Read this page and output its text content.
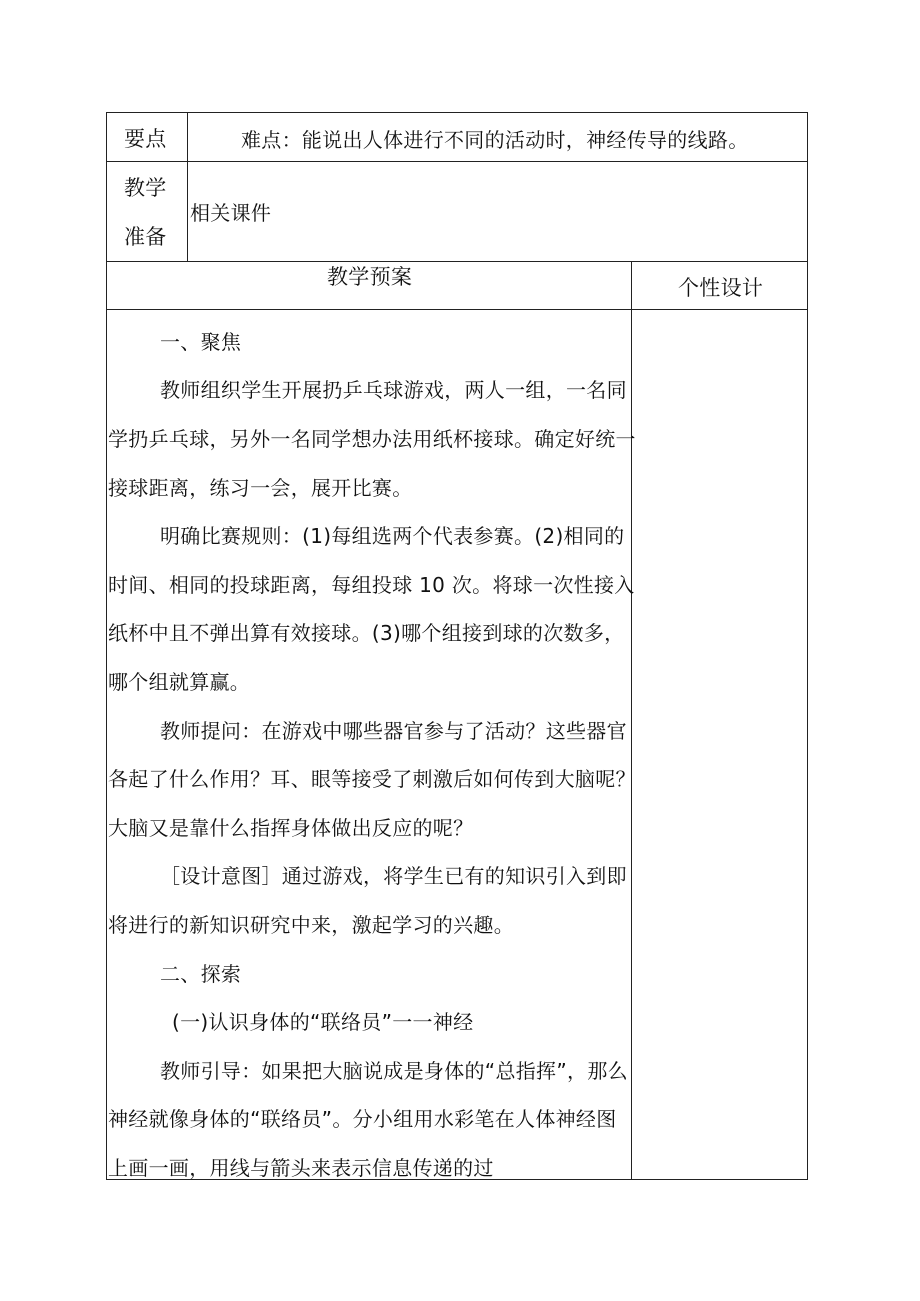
要点	难点：能说出人体进行不同的活动时，神经传导的线路。
教学
准备
相关课件
教学预案	个性设计
一、聚焦
教师组织学生开展扔乒乓球游戏，两人一组，一名同
学扔乒乓球，另外一名同学想办法用纸杯接球。确定好统一
接球距离，练习一会，展开比赛。
明确比赛规则：(1)每组选两个代表参赛。(2)相同的
时间、相同的投球距离，每组投球 10 次。将球一次性接入
纸杯中且不弹出算有效接球。(3)哪个组接到球的次数多，
哪个组就算赢。
教师提问：在游戏中哪些器官参与了活动？这些器官
各起了什么作用？耳、眼等接受了刺激后如何传到大脑呢？
大脑又是靠什么指挥身体做出反应的呢？
［设计意图］通过游戏，将学生已有的知识引入到即
将进行的新知识研究中来，激起学习的兴趣。
二、探索
(一)认识身体的“联络员”一一神经
教师引导：如果把大脑说成是身体的“总指挥”，那么
神经就像身体的“联络员”。分小组用水彩笔在人体神经图
上画一画，用线与箭头来表示信息传递的过
